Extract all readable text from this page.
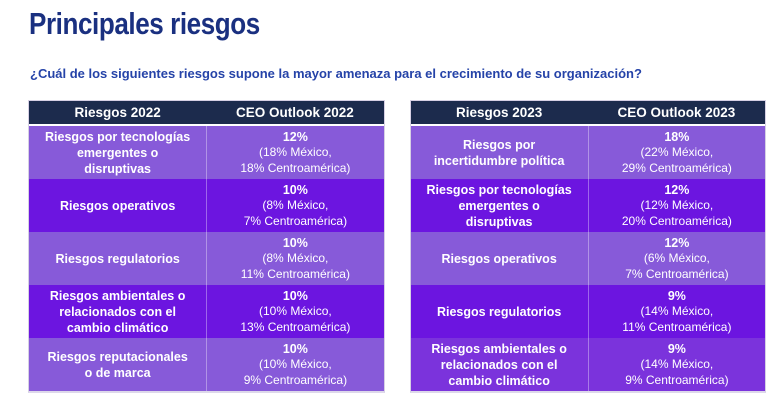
Principales riesgos
¿Cuál de los siguientes riesgos supone la mayor amenaza para el crecimiento de su organización?
Riesgos 2022	CEO Outlook 2022
Riesgos por tecnologías emergentes o disruptivas
12%
(18% México,
18% Centroamérica)
Riesgos operativos
10%
(8% México,
7% Centroamérica)
Riesgos regulatorios
10%
(8% México,
11% Centroamérica)
Riesgos ambientales o relacionados con el cambio climático
10%
(10% México,
13% Centroamérica)
Riesgos reputacionales o de marca
10%
(10% México,
9% Centroamérica)
Riesgos 2023	CEO Outlook 2023
Riesgos por incertidumbre política
18%
(22% México,
29% Centroamérica)
Riesgos por tecnologías emergentes o disruptivas
12%
(12% México,
20% Centroamérica)
Riesgos operativos
12%
(6% México,
7% Centroamérica)
Riesgos regulatorios
9%
(14% México,
11% Centroamérica)
Riesgos ambientales o relacionados con el cambio climático
9%
(14% México,
9% Centroamérica)
